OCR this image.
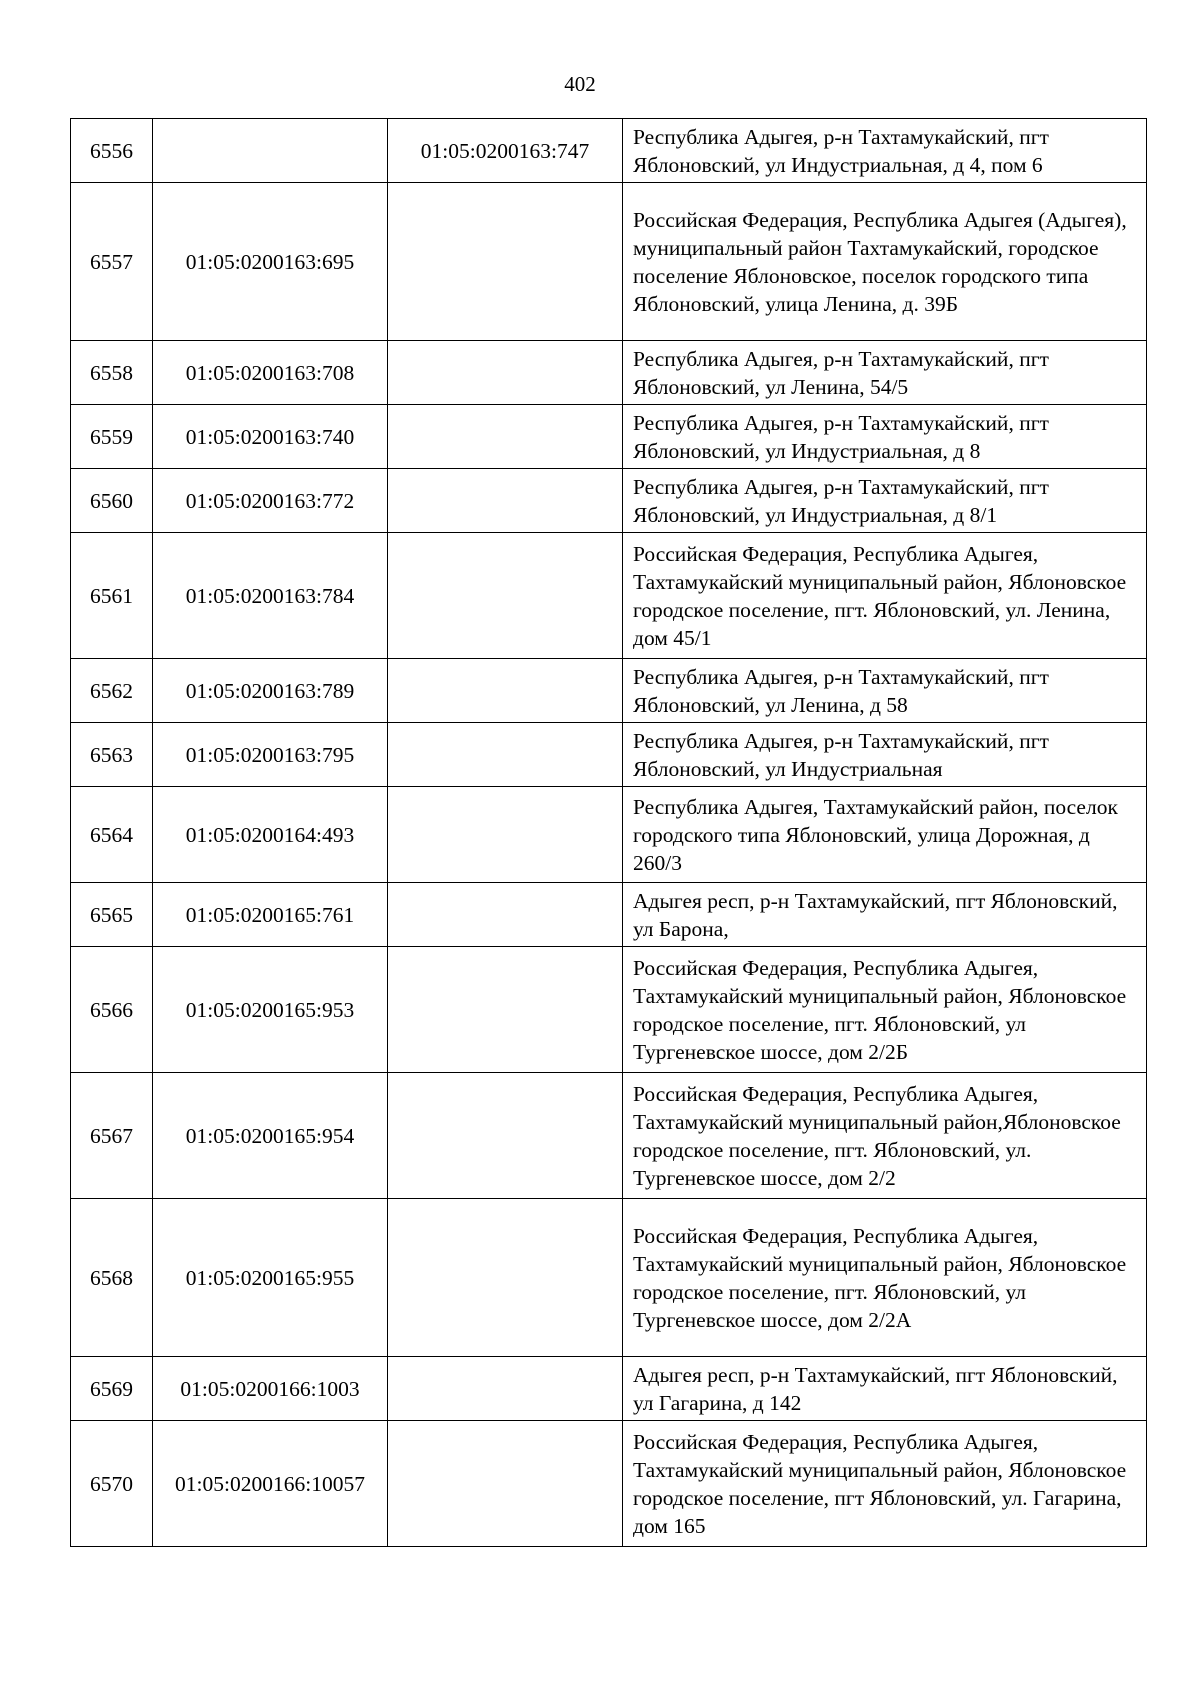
402
6556		01:05:0200163:747	Республика Адыгея, р-н Тахтамукайский, пгт Яблоновский, ул Индустриальная, д 4, пом 6
6557	01:05:0200163:695		Российская Федерация, Республика Адыгея (Адыгея), муниципальный район Тахтамукайский, городское поселение Яблоновское, поселок городского типа Яблоновский, улица Ленина, д. 39Б
6558	01:05:0200163:708		Республика Адыгея, р-н Тахтамукайский, пгт Яблоновский, ул Ленина, 54/5
6559	01:05:0200163:740		Республика Адыгея, р-н Тахтамукайский, пгт Яблоновский, ул Индустриальная, д 8
6560	01:05:0200163:772		Республика Адыгея, р-н Тахтамукайский, пгт Яблоновский, ул Индустриальная, д 8/1
6561	01:05:0200163:784		Российская Федерация, Республика Адыгея, Тахтамукайский муниципальный район, Яблоновское городское поселение, пгт. Яблоновский, ул. Ленина, дом 45/1
6562	01:05:0200163:789		Республика Адыгея, р-н Тахтамукайский, пгт Яблоновский, ул Ленина, д 58
6563	01:05:0200163:795		Республика Адыгея, р-н Тахтамукайский, пгт Яблоновский, ул Индустриальная
6564	01:05:0200164:493		Республика Адыгея, Тахтамукайский район, поселок городского типа Яблоновский, улица Дорожная, д 260/3
6565	01:05:0200165:761		Адыгея респ, р-н Тахтамукайский, пгт Яблоновский, ул Барона,
6566	01:05:0200165:953		Российская Федерация, Республика Адыгея, Тахтамукайский муниципальный район, Яблоновское городское поселение, пгт. Яблоновский, ул Тургеневское шоссе, дом 2/2Б
6567	01:05:0200165:954		Российская Федерация, Республика Адыгея, Тахтамукайский муниципальный район,Яблоновское городское поселение, пгт. Яблоновский, ул. Тургеневское шоссе, дом 2/2
6568	01:05:0200165:955		Российская Федерация, Республика Адыгея, Тахтамукайский муниципальный район, Яблоновское городское поселение, пгт. Яблоновский, ул Тургеневское шоссе, дом 2/2А
6569	01:05:0200166:1003		Адыгея респ, р-н Тахтамукайский, пгт Яблоновский, ул Гагарина, д 142
6570	01:05:0200166:10057		Российская Федерация, Республика Адыгея, Тахтамукайский муниципальный район, Яблоновское городское поселение, пгт Яблоновский, ул. Гагарина, дом 165
